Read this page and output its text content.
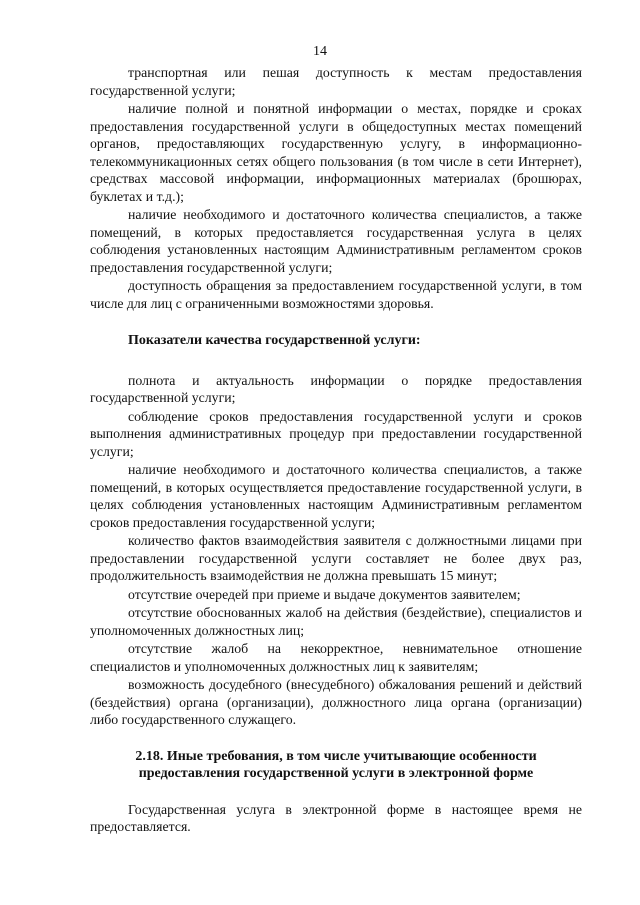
14

транспортная или пешая доступность к местам предоставления государственной услуги;

наличие полной и понятной информации о местах, порядке и сроках предоставления государственной услуги в общедоступных местах помещений органов, предоставляющих государственную услугу, в информационно-телекоммуникационных сетях общего пользования (в том числе в сети Интернет), средствах массовой информации, информационных материалах (брошюрах, буклетах и т.д.);

наличие необходимого и достаточного количества специалистов, а также помещений, в которых предоставляется государственная услуга в целях соблюдения установленных настоящим Административным регламентом сроков предоставления государственной услуги;

доступность обращения за предоставлением государственной услуги, в том числе для лиц с ограниченными возможностями здоровья.

Показатели качества государственной услуги:

полнота и актуальность информации о порядке предоставления государственной услуги;

соблюдение сроков предоставления государственной услуги и сроков выполнения административных процедур при предоставлении государственной услуги;

наличие необходимого и достаточного количества специалистов, а также помещений, в которых осуществляется предоставление государственной услуги, в целях соблюдения установленных настоящим Административным регламентом сроков предоставления государственной услуги;

количество фактов взаимодействия заявителя с должностными лицами при предоставлении государственной услуги составляет не более двух раз, продолжительность взаимодействия не должна превышать 15 минут;

отсутствие очередей при приеме и выдаче документов заявителем;

отсутствие обоснованных жалоб на действия (бездействие), специалистов и уполномоченных должностных лиц;

отсутствие жалоб на некорректное, невнимательное отношение специалистов и уполномоченных должностных лиц к заявителям;

возможность досудебного (внесудебного) обжалования решений и действий (бездействия) органа (организации), должностного лица органа (организации) либо государственного служащего.

2.18. Иные требования, в том числе учитывающие особенности
предоставления государственной услуги в электронной форме

Государственная услуга в электронной форме в настоящее время не предоставляется.
